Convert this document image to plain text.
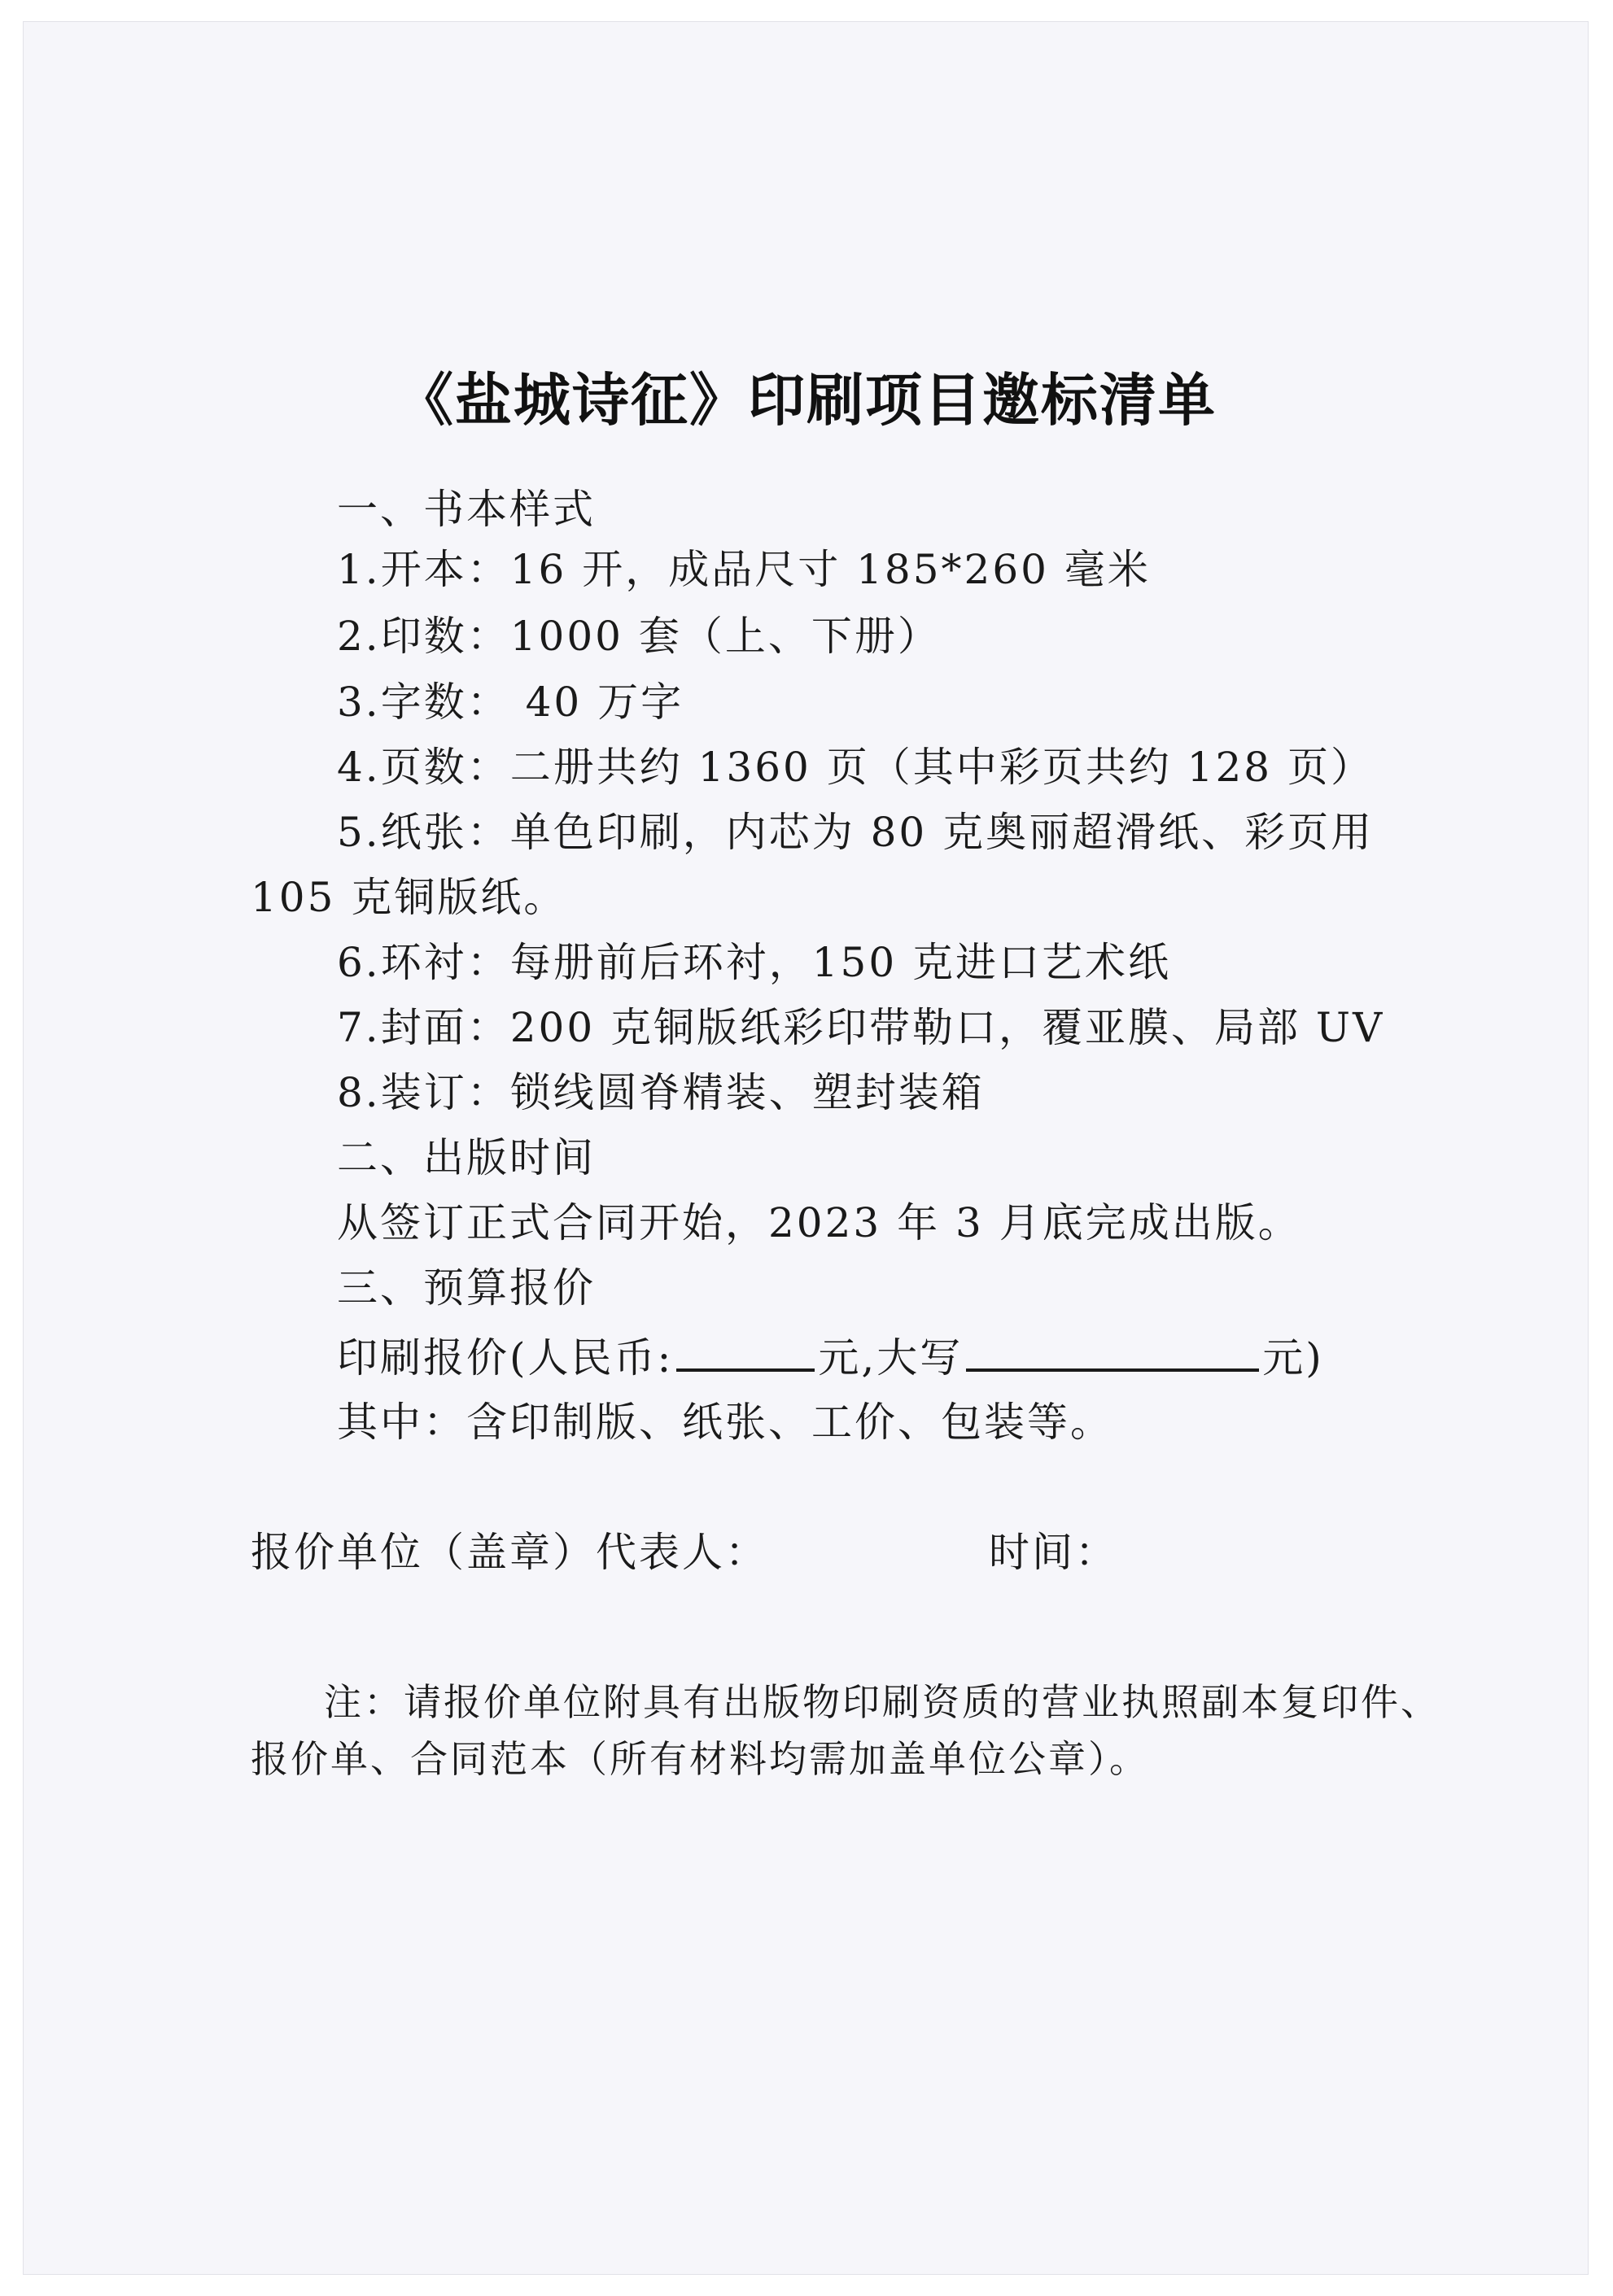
《盐城诗征》印刷项目邀标清单
一、书本样式
1.开本：16 开，成品尺寸 185*260 毫米
2.印数：1000 套（上、下册）
3.字数： 40 万字
4.页数：二册共约 1360 页（其中彩页共约 128 页）
5.纸张：单色印刷，内芯为 80 克奥丽超滑纸、彩页用
105 克铜版纸。
6.环衬：每册前后环衬，150 克进口艺术纸
7.封面：200 克铜版纸彩印带勒口，覆亚膜、局部 UV
8.装订：锁线圆脊精装、塑封装箱
二、出版时间
从签订正式合同开始，2023 年 3 月底完成出版。
三、预算报价
印刷报价(人民币:	元,大写	元)
其中：含印制版、纸张、工价、包装等。
报价单位（盖章）代表人：	时间：
注：请报价单位附具有出版物印刷资质的营业执照副本复印件、
报价单、合同范本（所有材料均需加盖单位公章）。
